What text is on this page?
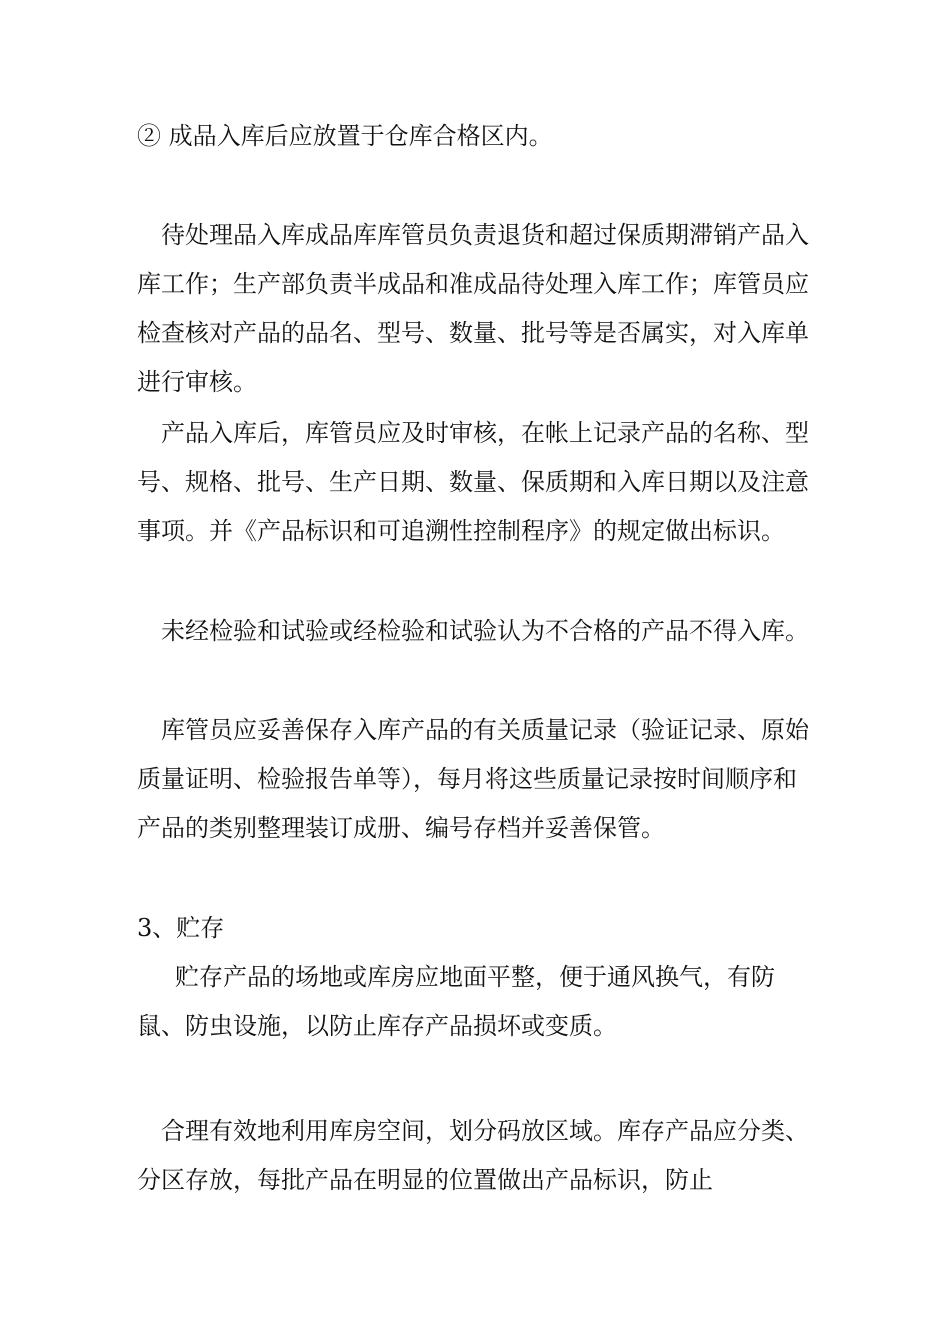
② 成品入库后应放置于仓库合格区内。

待处理品入库成品库库管员负责退货和超过保质期滞销产品入库工作；生产部负责半成品和准成品待处理入库工作；库管员应检查核对产品的品名、型号、数量、批号等是否属实，对入库单进行审核。

产品入库后，库管员应及时审核，在帐上记录产品的名称、型号、规格、批号、生产日期、数量、保质期和入库日期以及注意事项。并《产品标识和可追溯性控制程序》的规定做出标识。

未经检验和试验或经检验和试验认为不合格的产品不得入库。

库管员应妥善保存入库产品的有关质量记录（验证记录、原始质量证明、检验报告单等），每月将这些质量记录按时间顺序和产品的类别整理装订成册、编号存档并妥善保管。

3、贮存

贮存产品的场地或库房应地面平整，便于通风换气，有防鼠、防虫设施，以防止库存产品损坏或变质。

合理有效地利用库房空间，划分码放区域。库存产品应分类、分区存放，每批产品在明显的位置做出产品标识，防止
